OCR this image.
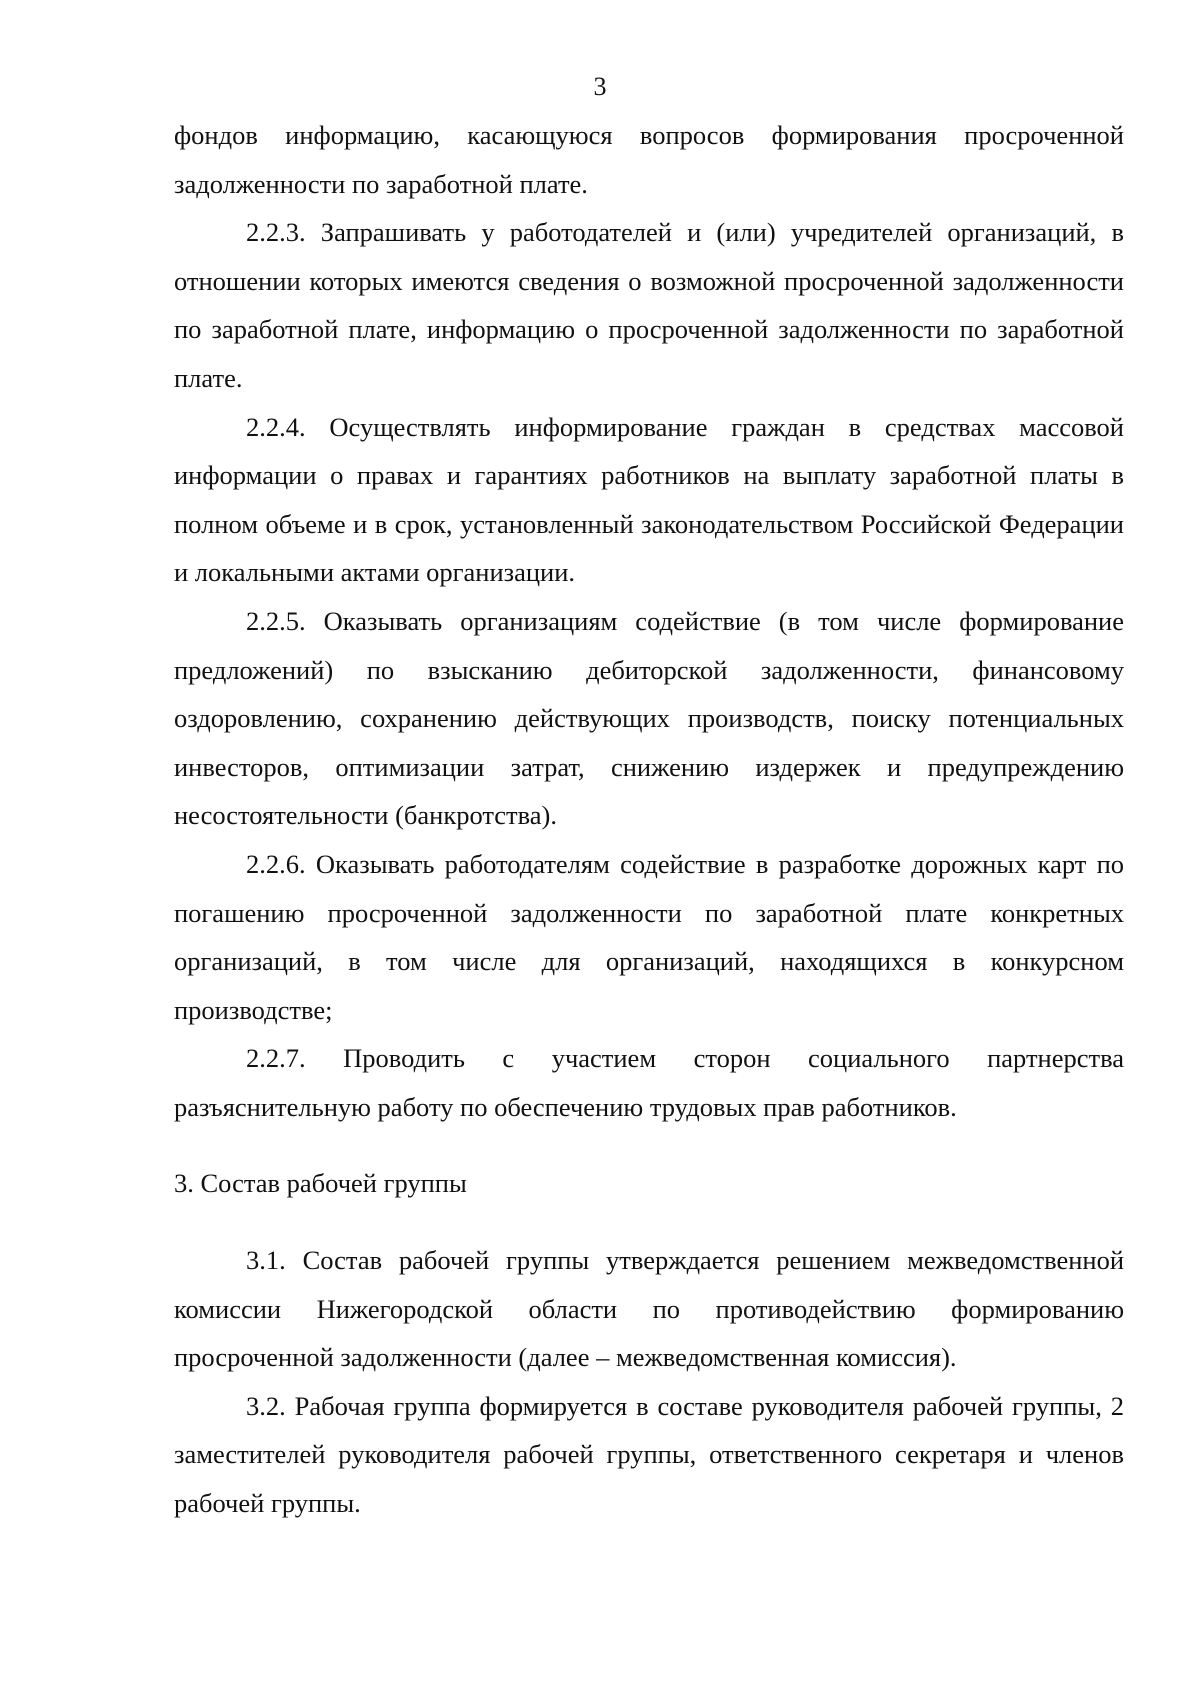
3

фондов информацию, касающуюся вопросов формирования просроченной задолженности по заработной плате.

2.2.3. Запрашивать у работодателей и (или) учредителей организаций, в отношении которых имеются сведения о возможной просроченной задолженности по заработной плате, информацию о просроченной задолженности по заработной плате.

2.2.4. Осуществлять информирование граждан в средствах массовой информации о правах и гарантиях работников на выплату заработной платы в полном объеме и в срок, установленный законодательством Российской Федерации и локальными актами организации.

2.2.5. Оказывать организациям содействие (в том числе формирование предложений) по взысканию дебиторской задолженности, финансовому оздоровлению, сохранению действующих производств, поиску потенциальных инвесторов, оптимизации затрат, снижению издержек и предупреждению несостоятельности (банкротства).

2.2.6. Оказывать работодателям содействие в разработке дорожных карт по погашению просроченной задолженности по заработной плате конкретных организаций, в том числе для организаций, находящихся в конкурсном производстве;

2.2.7. Проводить с участием сторон социального партнерства разъяснительную работу по обеспечению трудовых прав работников.

3. Состав рабочей группы

3.1. Состав рабочей группы утверждается решением межведомственной комиссии Нижегородской области по противодействию формированию просроченной задолженности (далее – межведомственная комиссия).

3.2. Рабочая группа формируется в составе руководителя рабочей группы, 2 заместителей руководителя рабочей группы, ответственного секретаря и членов рабочей группы.
